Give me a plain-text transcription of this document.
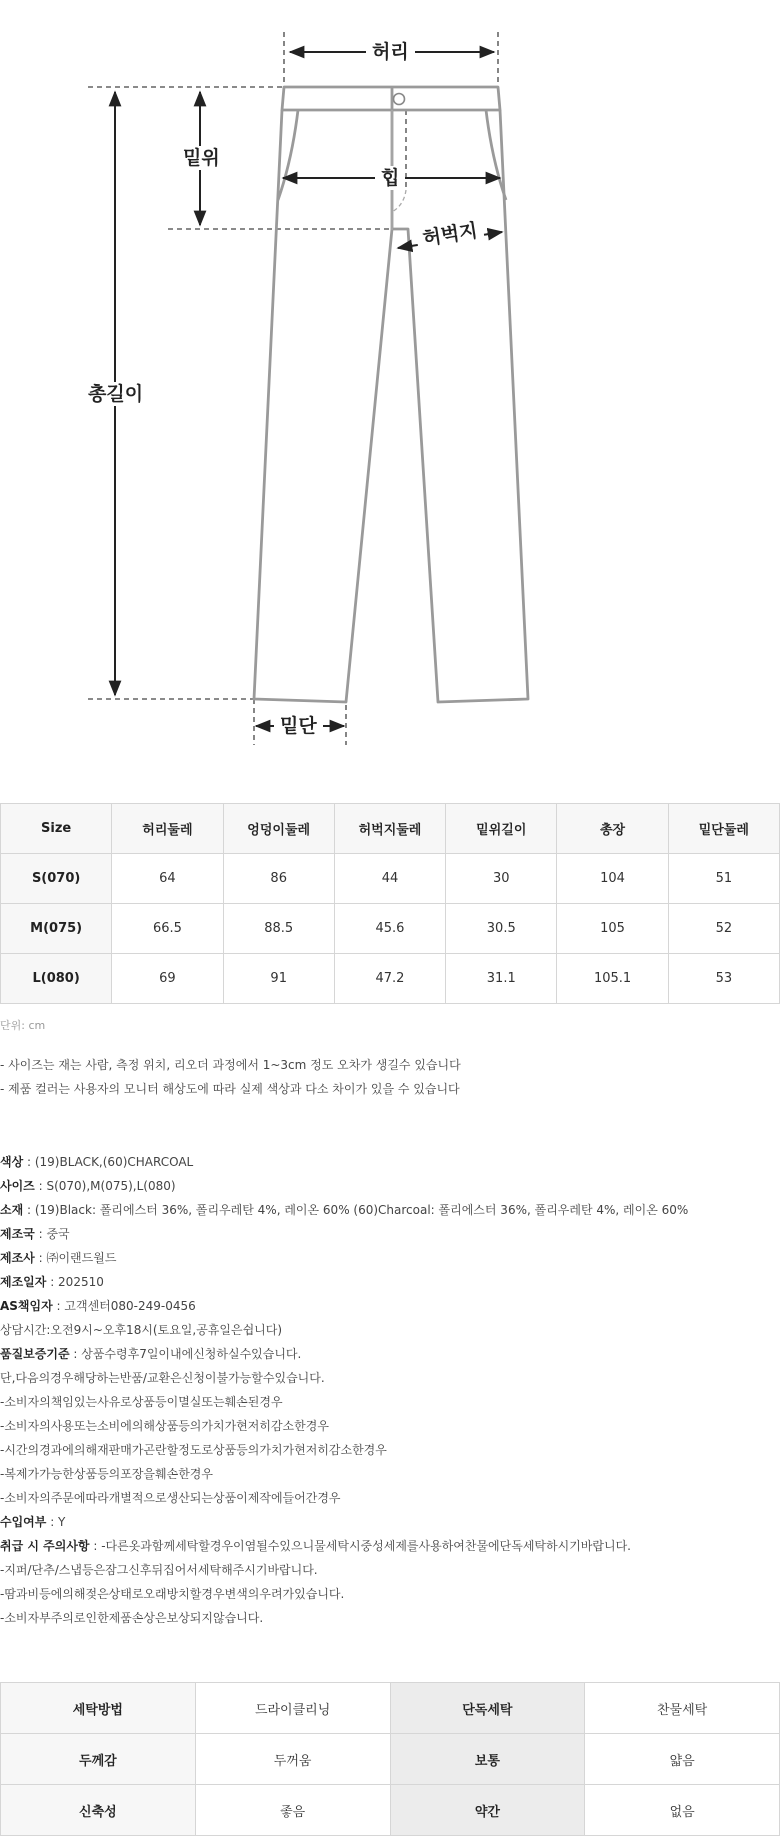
허리
밑위
힙
허벅지
총길이
밑단
Size	허리둘레	엉덩이둘레	허벅지둘레	밑위길이	총장	밑단둘레
S(070)	64	86	44	30	104	51
M(075)	66.5	88.5	45.6	30.5	105	52
L(080)	69	91	47.2	31.1	105.1	53
단위: cm
- 사이즈는 재는 사람, 측정 위치, 리오더 과정에서 1~3cm 정도 오차가 생길수 있습니다
- 제품 컬러는 사용자의 모니터 해상도에 따라 실제 색상과 다소 차이가 있을 수 있습니다
색상 : (19)BLACK,(60)CHARCOAL
사이즈 : S(070),M(075),L(080)
소재 : (19)Black: 폴리에스터 36%, 폴리우레탄 4%, 레이온 60% (60)Charcoal: 폴리에스터 36%, 폴리우레탄 4%, 레이온 60%
제조국 : 중국
제조사 : ㈜이랜드월드
제조일자 : 202510
AS책임자 : 고객센터080-249-0456
상담시간:오전9시~오후18시(토요일,공휴일은쉽니다)
품질보증기준 : 상품수령후7일이내에신청하실수있습니다.
단,다음의경우해당하는반품/교환은신청이불가능할수있습니다.
-소비자의책임있는사유로상품등이멸실또는훼손된경우
-소비자의사용또는소비에의해상품등의가치가현저히감소한경우
-시간의경과에의해재판매가곤란할정도로상품등의가치가현저히감소한경우
-복제가가능한상품등의포장을훼손한경우
-소비자의주문에따라개별적으로생산되는상품이제작에들어간경우
수입여부 : Y
취급 시 주의사항 : -다른옷과함께세탁할경우이염될수있으니물세탁시중성세제를사용하여찬물에단독세탁하시기바랍니다.
-지퍼/단추/스냅등은잠그신후뒤집어서세탁해주시기바랍니다.
-땀과비등에의해젖은상태로오래방치할경우변색의우려가있습니다.
-소비자부주의로인한제품손상은보상되지않습니다.
세탁방법	드라이클리닝	단독세탁	찬물세탁
두께감	두꺼움	보통	얇음
신축성	좋음	약간	없음
